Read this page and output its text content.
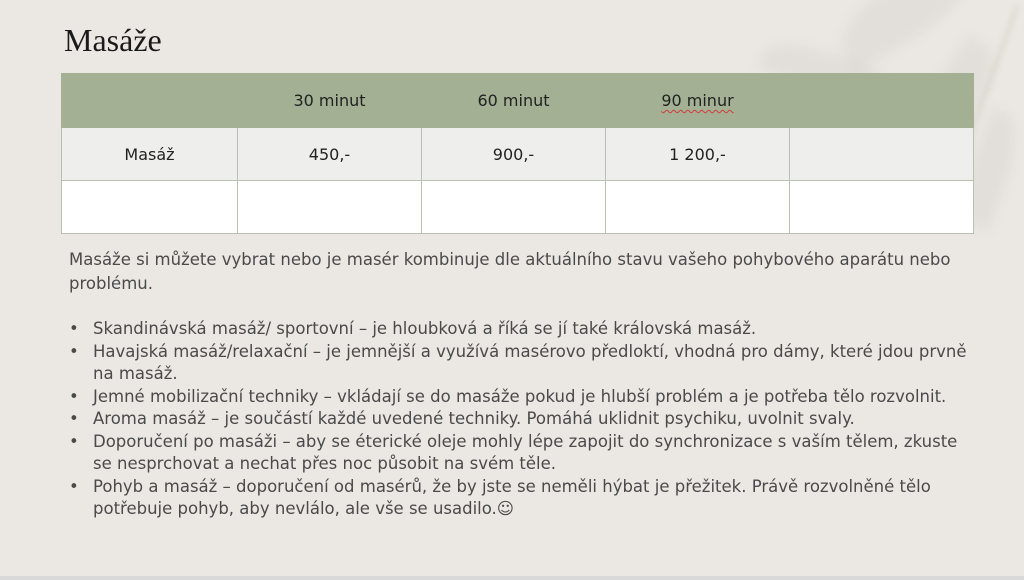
Masáže
	30 minut	60 minut	90 minur	
Masáž	450,-	900,-	1 200,-	

Masáže si můžete vybrat nebo je masér kombinuje dle aktuálního stavu vašeho pohybového aparátu nebo problému.

• Skandinávská masáž/ sportovní – je hloubková a říká se jí také královská masáž.
• Havajská masáž/relaxační – je jemnější a využívá masérovo předloktí, vhodná pro dámy, které jdou prvně na masáž.
• Jemné mobilizační techniky – vkládají se do masáže pokud je hlubší problém a je potřeba tělo rozvolnit.
• Aroma masáž – je součástí každé uvedené techniky. Pomáhá uklidnit psychiku, uvolnit svaly.
• Doporučení po masáži – aby se éterické oleje mohly lépe zapojit do synchronizace s vaším tělem, zkuste se nesprchovat a nechat přes noc působit na svém těle.
• Pohyb a masáž – doporučení od masérů, že by jste se neměli hýbat je přežitek. Právě rozvolněné tělo potřebuje pohyb, aby nevlálo, ale vše se usadilo.☺
